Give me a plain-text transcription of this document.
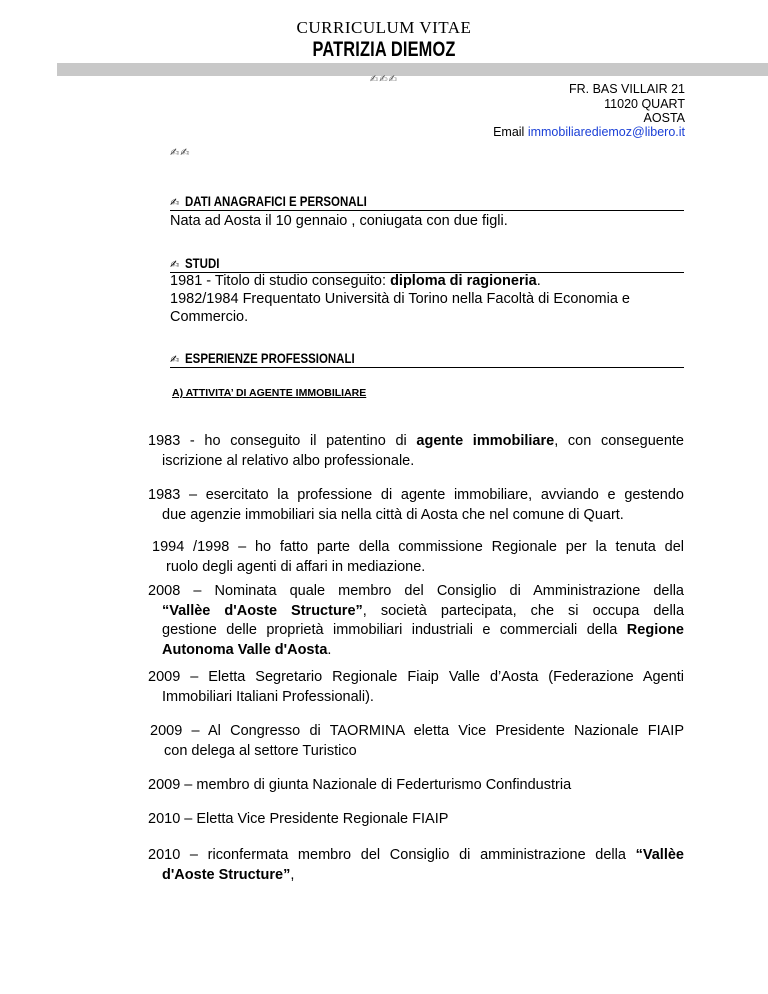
CURRICULUM VITAE
PATRIZIA DIEMOZ
✍✍✍
FR. BAS VILLAIR 21
11020 QUART
AOSTA
Email immobiliarediemoz@libero.it
✍✍
✍ DATI ANAGRAFICI E PERSONALI
Nata ad Aosta il 10 gennaio , coniugata con due figli.
✍ STUDI
1981 - Titolo di studio conseguito: diploma di ragioneria.
1982/1984 Frequentato Università di Torino nella Facoltà di Economia e
Commercio.
✍ ESPERIENZE PROFESSIONALI
A) ATTIVITA’ DI AGENTE IMMOBILIARE
1983 - ho conseguito il patentino di agente immobiliare, con conseguente
iscrizione al relativo albo professionale.
1983 – esercitato la professione di agente immobiliare, avviando e gestendo
due agenzie immobiliari sia nella città di Aosta che nel comune di Quart.
1994 /1998 – ho fatto parte della commissione Regionale per la tenuta del
ruolo degli agenti di affari in mediazione.
2008 – Nominata quale membro del Consiglio di Amministrazione della
“Vallèe d'Aoste Structure”, società partecipata, che si occupa della
gestione delle proprietà immobiliari industriali e commerciali della Regione
Autonoma Valle d'Aosta.
2009 – Eletta Segretario Regionale Fiaip Valle d’Aosta (Federazione Agenti
Immobiliari Italiani Professionali).
2009 – Al Congresso di TAORMINA eletta Vice Presidente Nazionale FIAIP
con delega al settore Turistico
2009 – membro di giunta Nazionale di Federturismo Confindustria
2010 – Eletta Vice Presidente Regionale FIAIP
2010 – riconfermata membro del Consiglio di amministrazione della “Vallèe
d'Aoste Structure”,
